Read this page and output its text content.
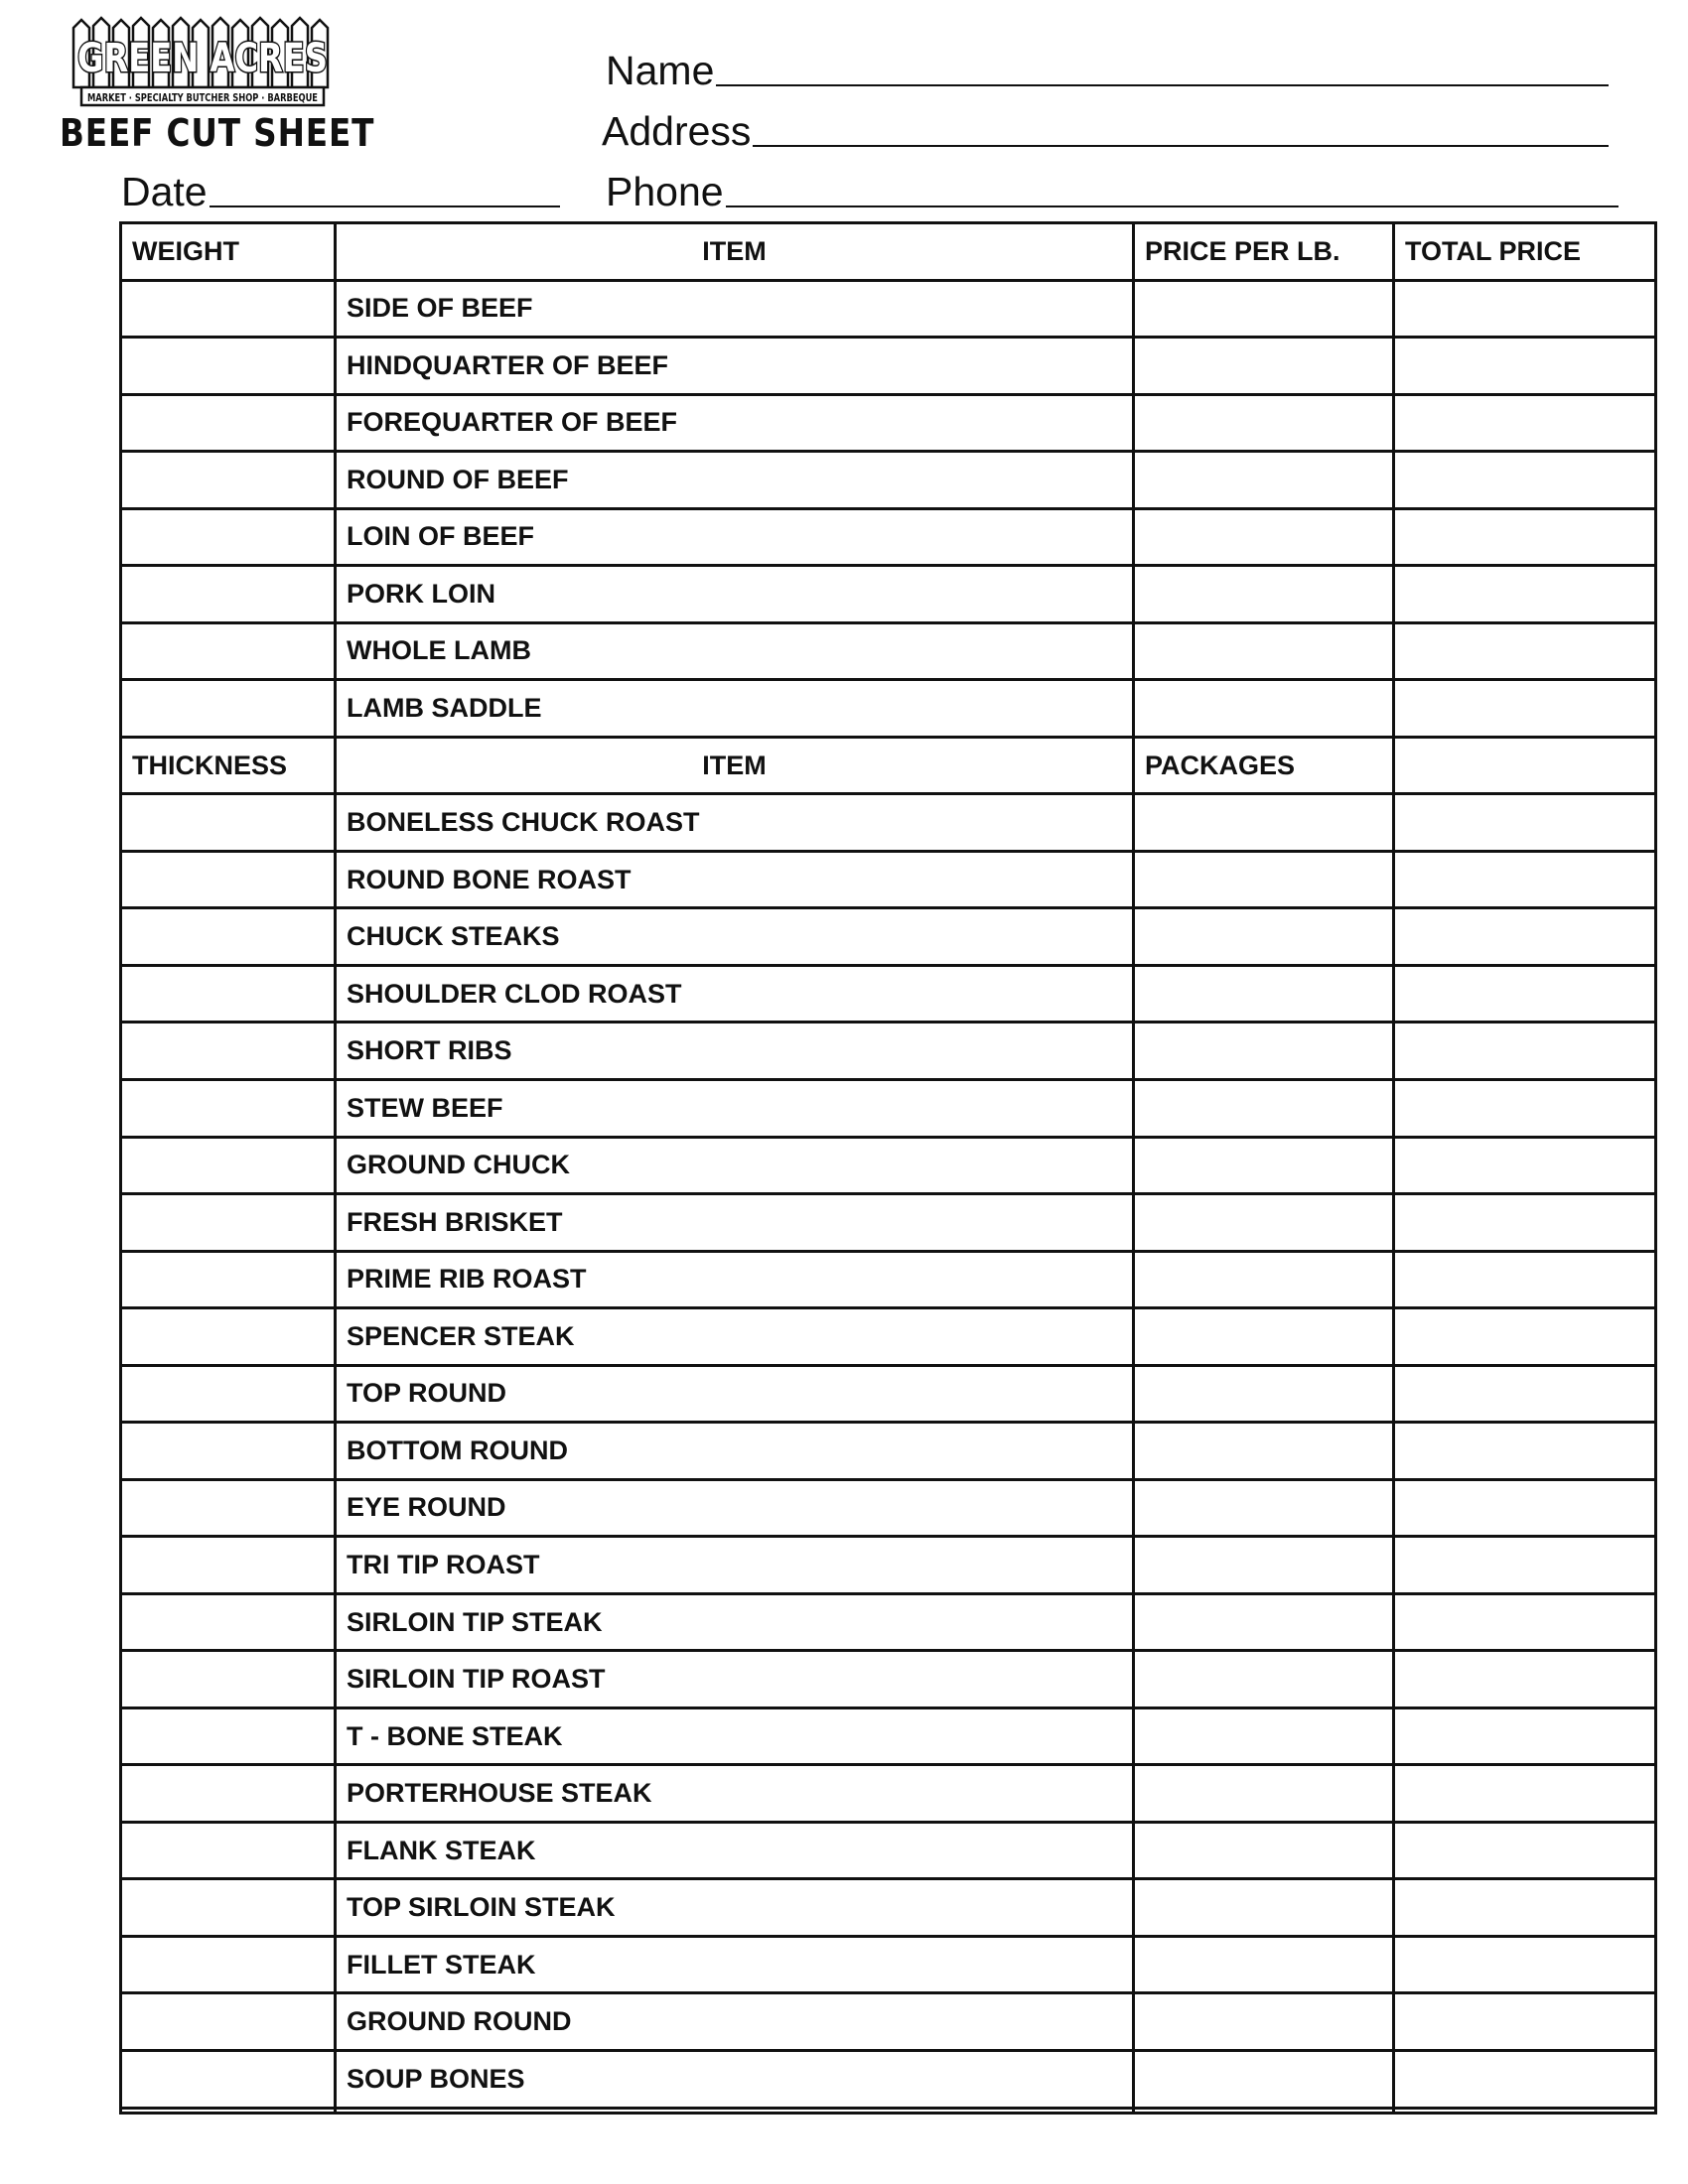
GREEN ACRES
MARKET · SPECIALTY BUTCHER SHOP · BARBEQUE
BEEF CUT SHEET
Name
Address
Date	Phone
WEIGHT	ITEM	PRICE PER LB.	TOTAL PRICE
	SIDE OF BEEF		
	HINDQUARTER OF BEEF		
	FOREQUARTER OF BEEF		
	ROUND OF BEEF		
	LOIN OF BEEF		
	PORK LOIN		
	WHOLE LAMB		
	LAMB SADDLE		
THICKNESS	ITEM	PACKAGES	
	BONELESS CHUCK ROAST		
	ROUND BONE ROAST		
	CHUCK STEAKS		
	SHOULDER CLOD ROAST		
	SHORT RIBS		
	STEW BEEF		
	GROUND CHUCK		
	FRESH BRISKET		
	PRIME RIB ROAST		
	SPENCER STEAK		
	TOP ROUND		
	BOTTOM ROUND		
	EYE ROUND		
	TRI TIP ROAST		
	SIRLOIN TIP STEAK		
	SIRLOIN TIP ROAST		
	T - BONE STEAK		
	PORTERHOUSE STEAK		
	FLANK STEAK		
	TOP SIRLOIN STEAK		
	FILLET STEAK		
	GROUND ROUND		
	SOUP BONES		
